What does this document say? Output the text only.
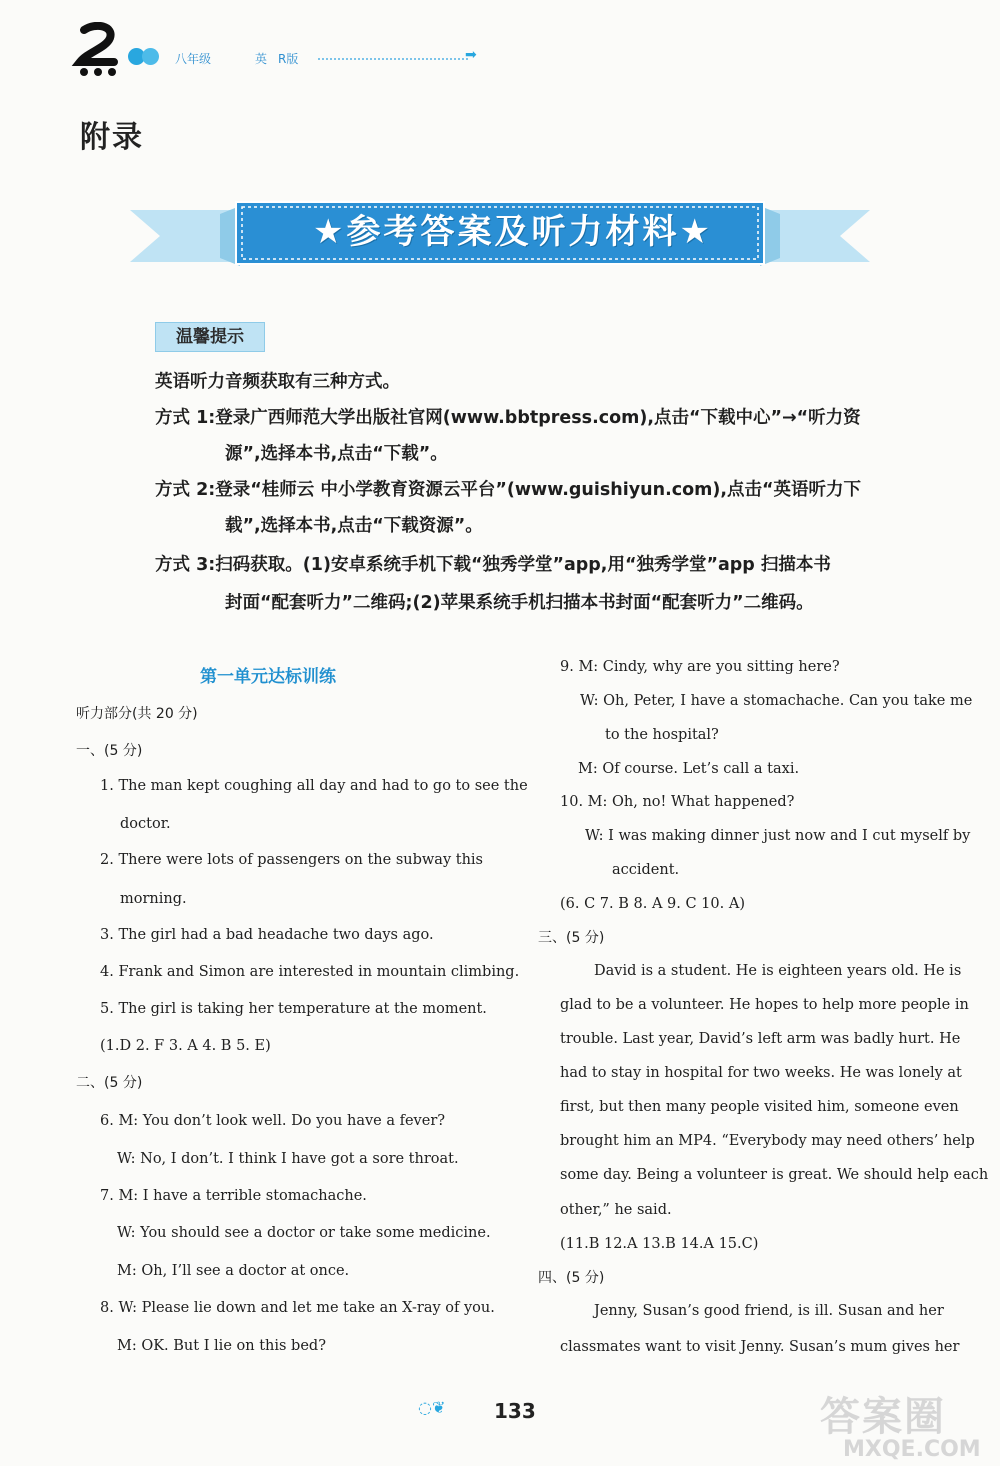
八年级	英 R版	➡
附录
★参考答案及听力材料★
温馨提示
英语听力音频获取有三种方式。
方式 1:登录广西师范大学出版社官网(www.bbtpress.com),点击“下载中心”→“听力资
源”,选择本书,点击“下载”。
方式 2:登录“桂师云 中小学教育资源云平台”(www.guishiyun.com),点击“英语听力下
载”,选择本书,点击“下载资源”。
方式 3:扫码获取。(1)安卓系统手机下载“独秀学堂”app,用“独秀学堂”app 扫描本书
封面“配套听力”二维码;(2)苹果系统手机扫描本书封面“配套听力”二维码。
第一单元达标训练
听力部分(共 20 分)
一、(5 分)
1. The man kept coughing all day and had to go to see the
doctor.
2. There were lots of passengers on the subway this
morning.
3. The girl had a bad headache two days ago.
4. Frank and Simon are interested in mountain climbing.
5. The girl is taking her temperature at the moment.
(1.D 2. F 3. A 4. B 5. E)
二、(5 分)
6. M: You don’t look well. Do you have a fever?
W: No, I don’t. I think I have got a sore throat.
7. M: I have a terrible stomachache.
W: You should see a doctor or take some medicine.
M: Oh, I’ll see a doctor at once.
8. W: Please lie down and let me take an X-ray of you.
M: OK. But I lie on this bed?
9. M: Cindy, why are you sitting here?
W: Oh, Peter, I have a stomachache. Can you take me
to the hospital?
M: Of course. Let’s call a taxi.
10. M: Oh, no! What happened?
W: I was making dinner just now and I cut myself by
accident.
(6. C 7. B 8. A 9. C 10. A)
三、(5 分)
David is a student. He is eighteen years old. He is
glad to be a volunteer. He hopes to help more people in
trouble. Last year, David’s left arm was badly hurt. He
had to stay in hospital for two weeks. He was lonely at
first, but then many people visited him, someone even
brought him an MP4. “Everybody may need others’ help
some day. Being a volunteer is great. We should help each
other,” he said.
(11.B 12.A 13.B 14.A 15.C)
四、(5 分)
Jenny, Susan’s good friend, is ill. Susan and her
classmates want to visit Jenny. Susan’s mum gives her
◌❦ 133	答案圈
MXQE.COM
